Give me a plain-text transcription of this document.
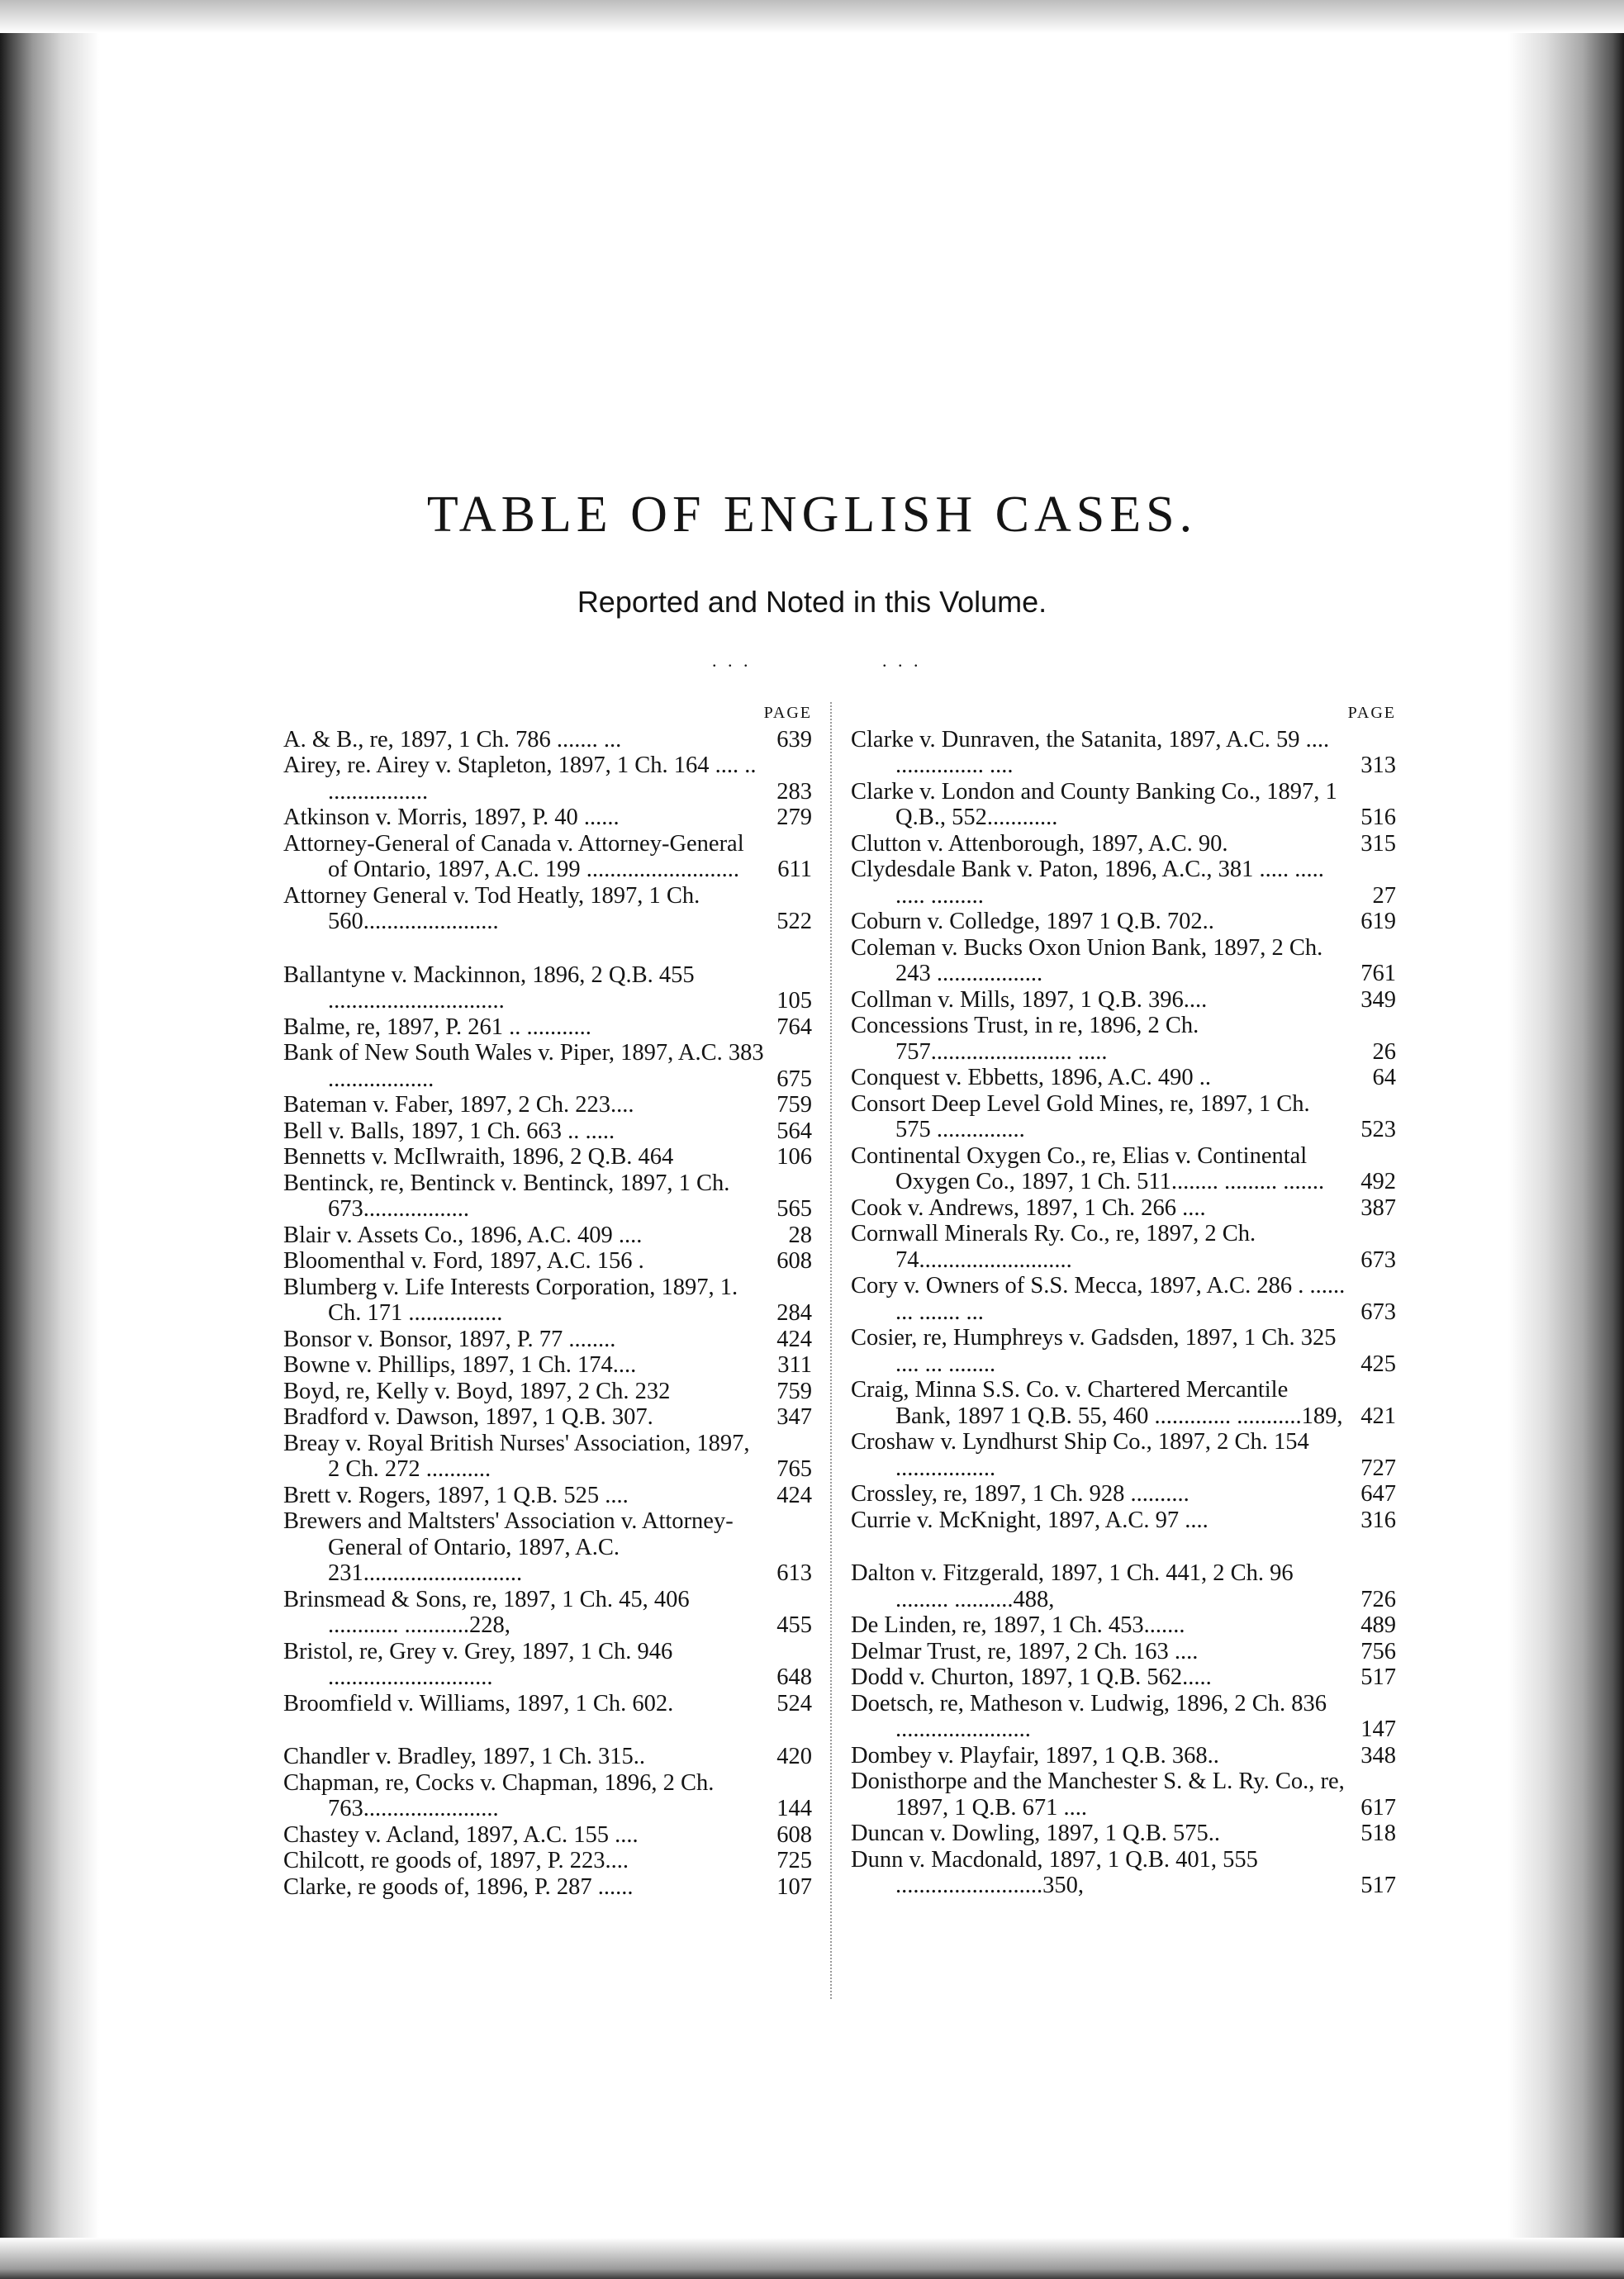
TABLE OF ENGLISH CASES.
Reported and Noted in this Volume.
. . .	. . .
PAGE
A. & B., re, 1897, 1 Ch. 786 ....... ...	639
Airey, re. Airey v. Stapleton, 1897, 1 Ch. 164 .... .. .................	283
Atkinson v. Morris, 1897, P. 40 ......	279
Attorney-General of Canada v. Attorney-General of Ontario, 1897, A.C. 199 ..........................	611
Attorney General v. Tod Heatly, 1897, 1 Ch. 560.......................	522
Ballantyne v. Mackinnon, 1896, 2 Q.B. 455 ..............................	105
Balme, re, 1897, P. 261 .. ...........	764
Bank of New South Wales v. Piper, 1897, A.C. 383 ..................	675
Bateman v. Faber, 1897, 2 Ch. 223....	759
Bell v. Balls, 1897, 1 Ch. 663 .. .....	564
Bennetts v. McIlwraith, 1896, 2 Q.B. 464	106
Bentinck, re, Bentinck v. Bentinck, 1897, 1 Ch. 673..................	565
Blair v. Assets Co., 1896, A.C. 409 ....	28
Bloomenthal v. Ford, 1897, A.C. 156 .	608
Blumberg v. Life Interests Corporation, 1897, 1. Ch. 171 ................	284
Bonsor v. Bonsor, 1897, P. 77 ........	424
Bowne v. Phillips, 1897, 1 Ch. 174....	311
Boyd, re, Kelly v. Boyd, 1897, 2 Ch. 232	759
Bradford v. Dawson, 1897, 1 Q.B. 307.	347
Breay v. Royal British Nurses' Association, 1897, 2 Ch. 272 ...........	765
Brett v. Rogers, 1897, 1 Q.B. 525 ....	424
Brewers and Maltsters' Association v. Attorney-General of Ontario, 1897, A.C. 231...........................	613
Brinsmead & Sons, re, 1897, 1 Ch. 45, 406 ............ ...........228,	455
Bristol, re, Grey v. Grey, 1897, 1 Ch. 946 ............................	648
Broomfield v. Williams, 1897, 1 Ch. 602.	524
Chandler v. Bradley, 1897, 1 Ch. 315..	420
Chapman, re, Cocks v. Chapman, 1896, 2 Ch. 763.......................	144
Chastey v. Acland, 1897, A.C. 155 ....	608
Chilcott, re goods of, 1897, P. 223....	725
Clarke, re goods of, 1896, P. 287 ......	107
PAGE
Clarke v. Dunraven, the Satanita, 1897, A.C. 59 .... ............... ....	313
Clarke v. London and County Banking Co., 1897, 1 Q.B., 552............	516
Clutton v. Attenborough, 1897, A.C. 90.	315
Clydesdale Bank v. Paton, 1896, A.C., 381 ..... ..... ..... .........	27
Coburn v. Colledge, 1897 1 Q.B. 702..	619
Coleman v. Bucks Oxon Union Bank, 1897, 2 Ch. 243 ..................	761
Collman v. Mills, 1897, 1 Q.B. 396....	349
Concessions Trust, in re, 1896, 2 Ch. 757........................ .....	26
Conquest v. Ebbetts, 1896, A.C. 490 ..	64
Consort Deep Level Gold Mines, re, 1897, 1 Ch. 575 ...............	523
Continental Oxygen Co., re, Elias v. Continental Oxygen Co., 1897, 1 Ch. 511........ ......... .......	492
Cook v. Andrews, 1897, 1 Ch. 266 ....	387
Cornwall Minerals Ry. Co., re, 1897, 2 Ch. 74..........................	673
Cory v. Owners of S.S. Mecca, 1897, A.C. 286 . ...... ... ....... ...	673
Cosier, re, Humphreys v. Gadsden, 1897, 1 Ch. 325 .... ... ........	425
Craig, Minna S.S. Co. v. Chartered Mercantile Bank, 1897 1 Q.B. 55, 460 ............. ...........189, 421
Croshaw v. Lyndhurst Ship Co., 1897, 2 Ch. 154 .................	727
Crossley, re, 1897, 1 Ch. 928 ..........	647
Currie v. McKnight, 1897, A.C. 97 ....	316
Dalton v. Fitzgerald, 1897, 1 Ch. 441, 2 Ch. 96 ......... ..........488,	726
De Linden, re, 1897, 1 Ch. 453.......	489
Delmar Trust, re, 1897, 2 Ch. 163 ....	756
Dodd v. Churton, 1897, 1 Q.B. 562.....	517
Doetsch, re, Matheson v. Ludwig, 1896, 2 Ch. 836 .......................	147
Dombey v. Playfair, 1897, 1 Q.B. 368..	348
Donisthorpe and the Manchester S. & L. Ry. Co., re, 1897, 1 Q.B. 671 ....	617
Duncan v. Dowling, 1897, 1 Q.B. 575..	518
Dunn v. Macdonald, 1897, 1 Q.B. 401, 555 .........................350,	517
